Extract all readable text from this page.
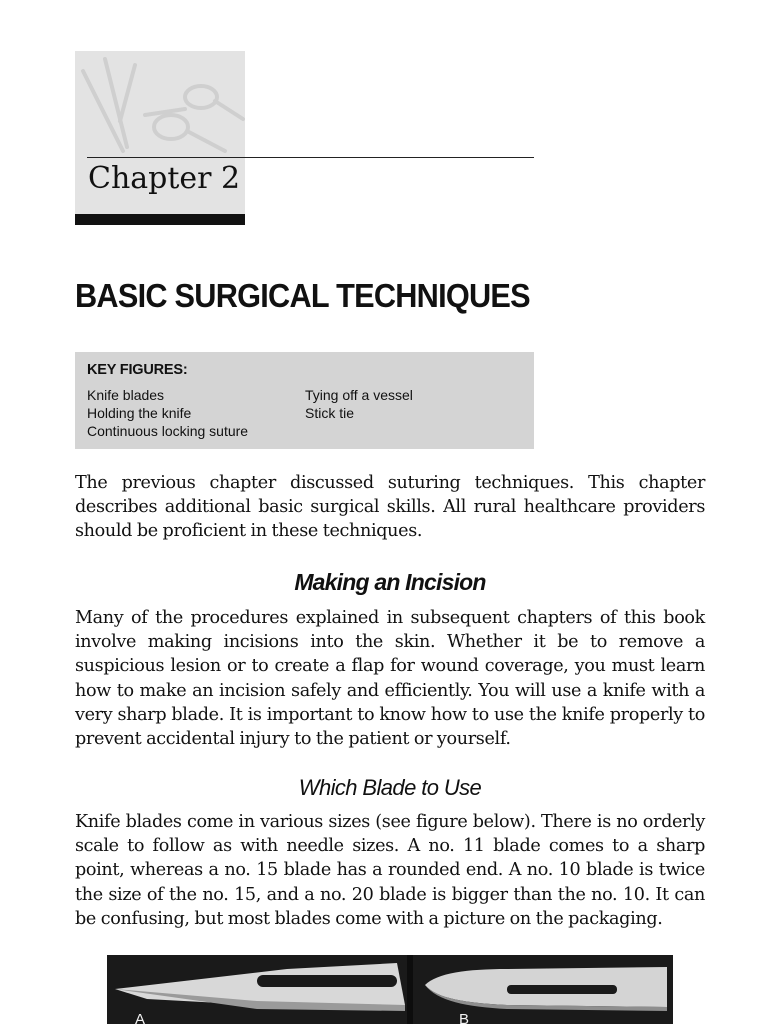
Chapter 2
BASIC SURGICAL TECHNIQUES
KEY FIGURES:
Knife blades
Holding the knife
Continuous locking suture
Tying off a vessel
Stick tie
The previous chapter discussed suturing techniques. This chapter describes additional basic surgical skills. All rural healthcare providers should be proficient in these techniques.
Making an Incision
Many of the procedures explained in subsequent chapters of this book involve making incisions into the skin. Whether it be to remove a suspicious lesion or to create a flap for wound coverage, you must learn how to make an incision safely and efficiently. You will use a knife with a very sharp blade. It is important to know how to use the knife properly to prevent accidental injury to the patient or yourself.
Which Blade to Use
Knife blades come in various sizes (see figure below). There is no orderly scale to follow as with needle sizes. A no. 11 blade comes to a sharp point, whereas a no. 15 blade has a rounded end. A no. 10 blade is twice the size of the no. 15, and a no. 20 blade is bigger than the no. 10. It can be confusing, but most blades come with a picture on the packaging.
A	B
